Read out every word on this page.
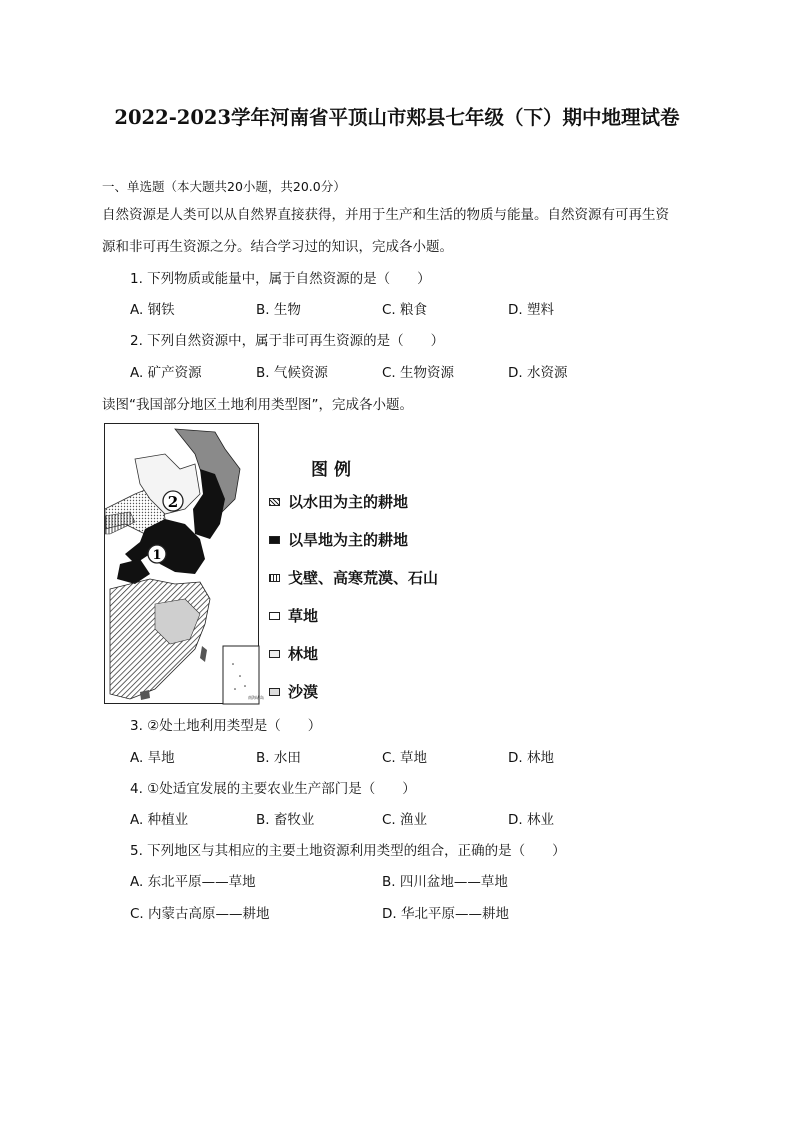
2022-2023学年河南省平顶山市郏县七年级（下）期中地理试卷
一、单选题（本大题共20小题，共20.0分）
自然资源是人类可以从自然界直接获得，并用于生产和生活的物质与能量。自然资源有可再生资
源和非可再生资源之分。结合学习过的知识，完成各小题。
1. 下列物质或能量中，属于自然资源的是（　　）
A. 钢铁	B. 生物	C. 粮食	D. 塑料
2. 下列自然资源中，属于非可再生资源的是（　　）
A. 矿产资源	B. 气候资源	C. 生物资源	D. 水资源
读图“我国部分地区土地利用类型图”，完成各小题。
南海诸岛
2
1
图例
以水田为主的耕地
以旱地为主的耕地
戈壁、高寒荒漠、石山
草地
林地
沙漠
3. ②处土地利用类型是（　　）
A. 旱地	B. 水田	C. 草地	D. 林地
4. ①处适宜发展的主要农业生产部门是（　　）
A. 种植业	B. 畜牧业	C. 渔业	D. 林业
5. 下列地区与其相应的主要土地资源利用类型的组合，正确的是（　　）
A. 东北平原——草地	B. 四川盆地——草地
C. 内蒙古高原——耕地	D. 华北平原——耕地
